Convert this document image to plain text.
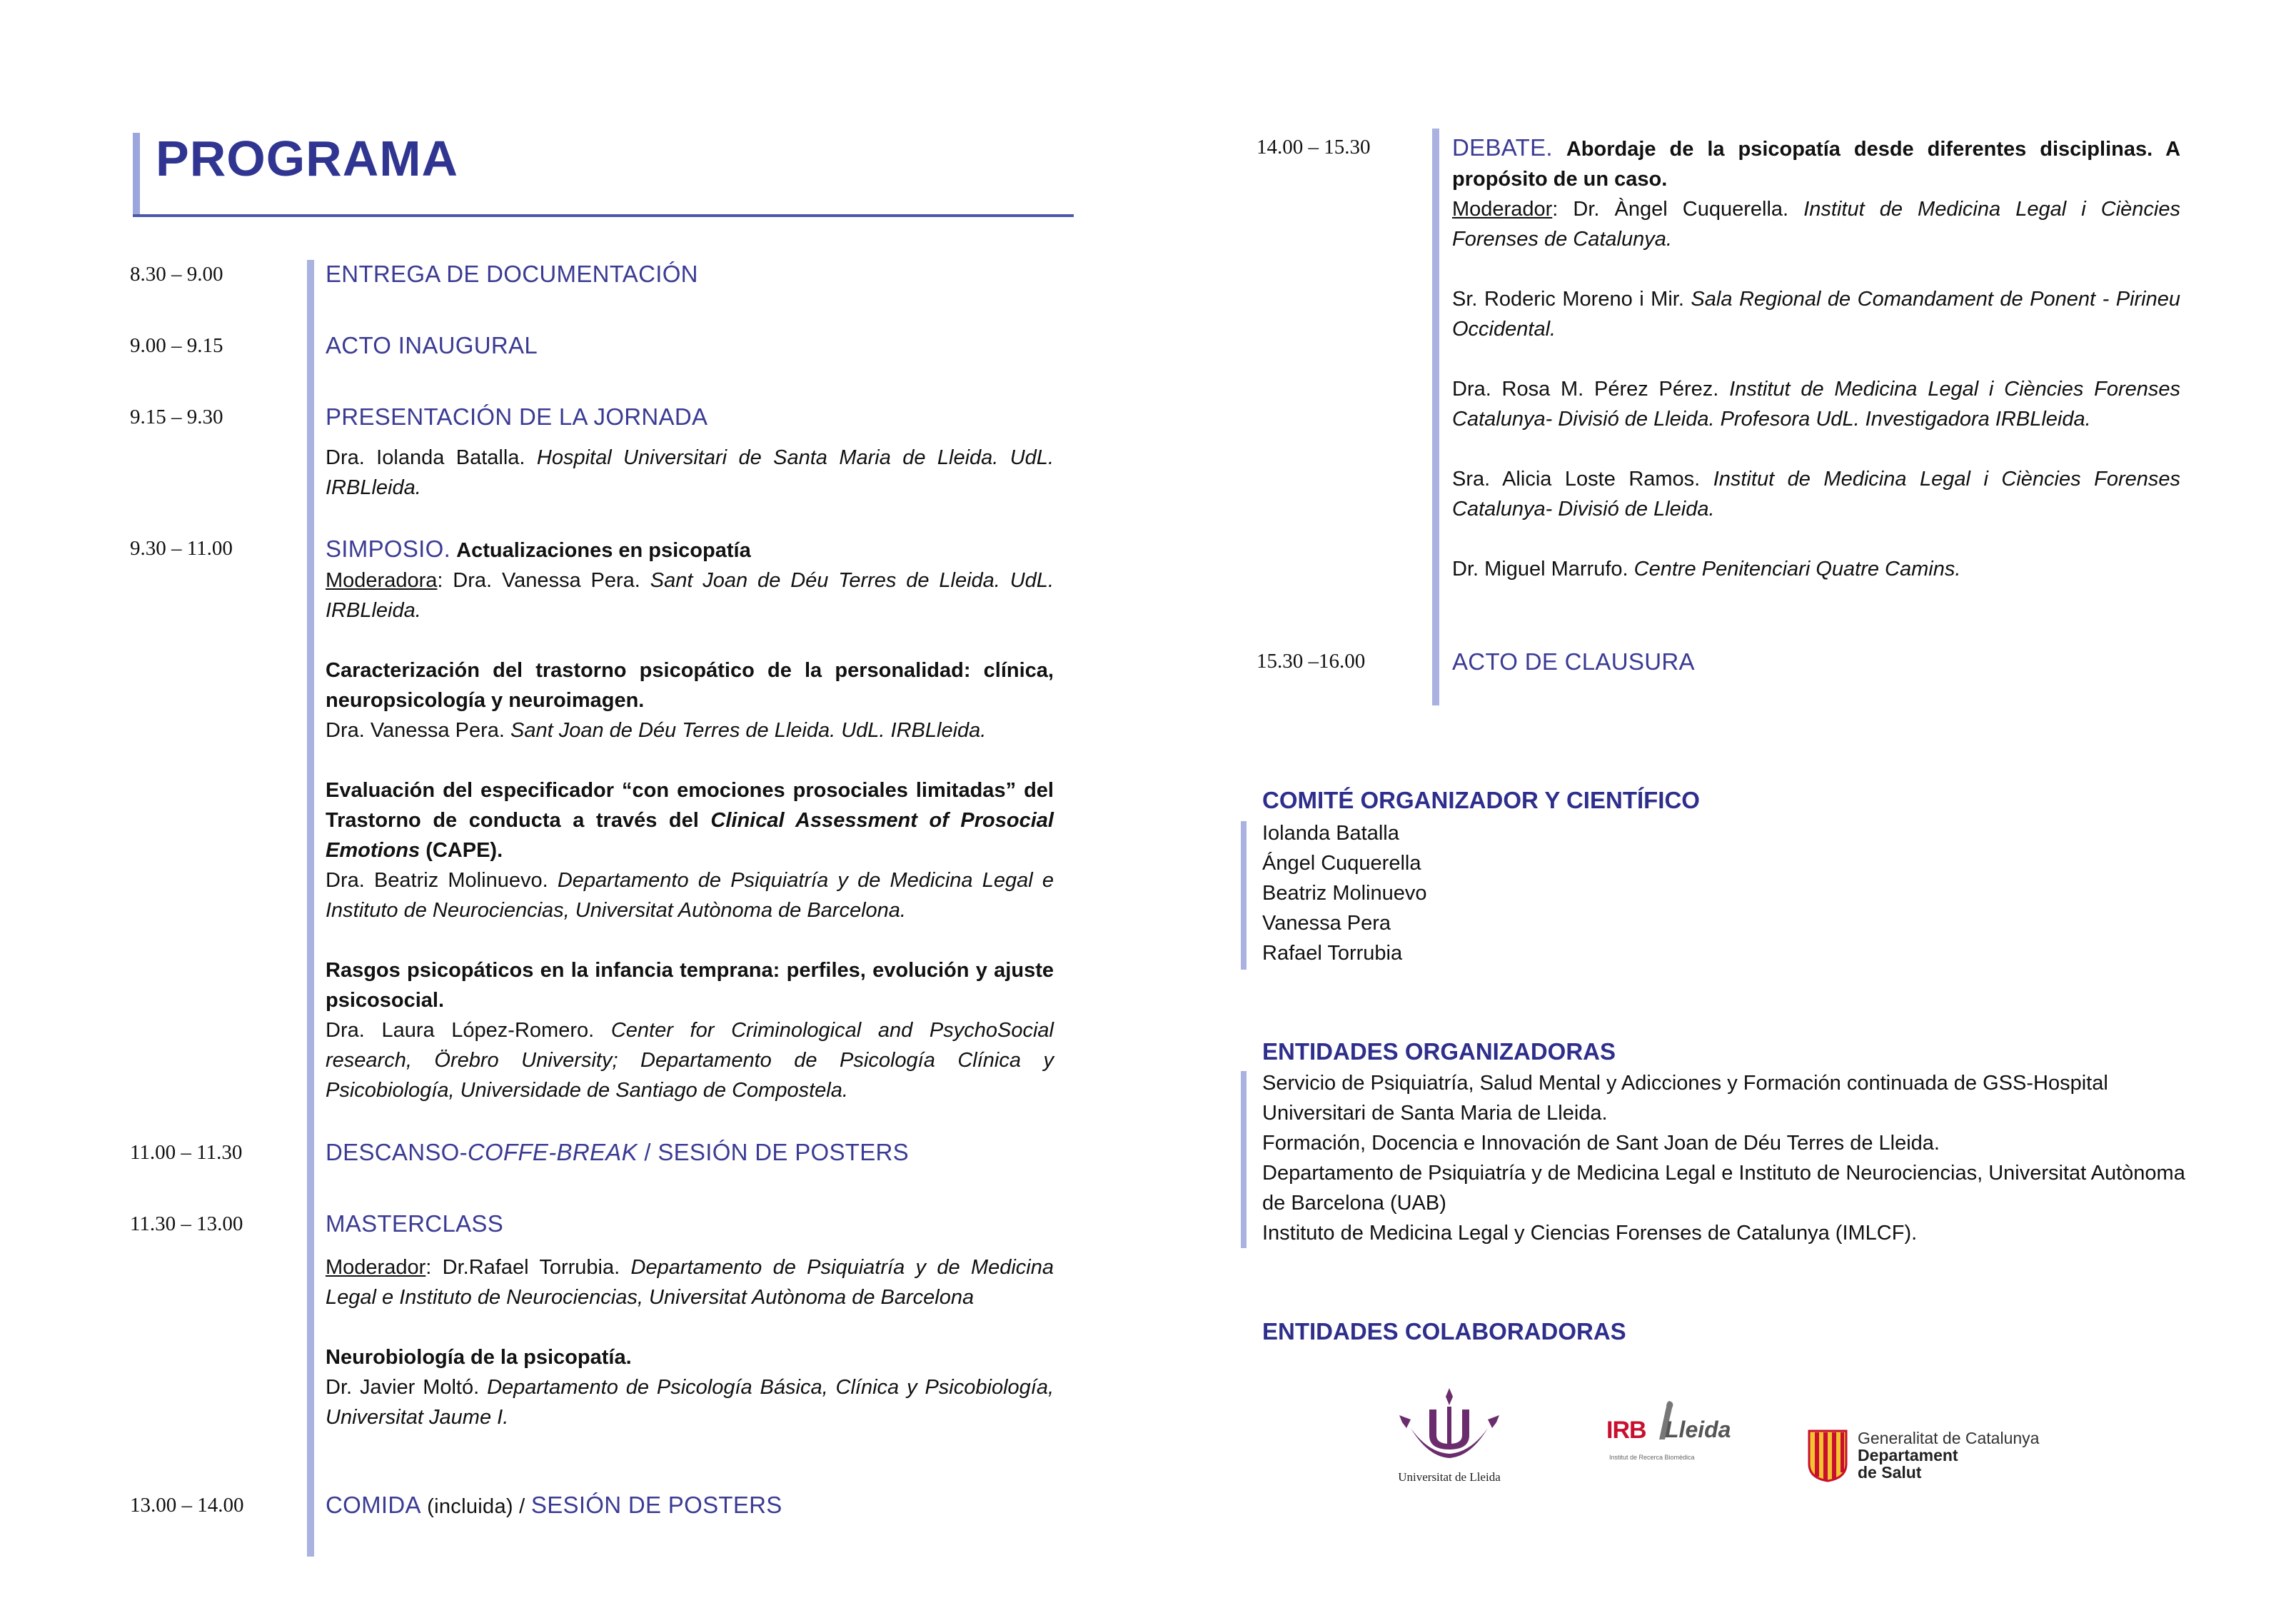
PROGRAMA
8.30 – 9.00
9.00 – 9.15
9.15 – 9.30
9.30 – 11.00
11.00 – 11.30
11.30 – 13.00
13.00 – 14.00
ENTREGA DE DOCUMENTACIÓN
ACTO INAUGURAL
PRESENTACIÓN DE LA JORNADA

Dra. Iolanda Batalla. Hospital Universitari de Santa Maria de Lleida. UdL. IRBLleida.

SIMPOSIO. Actualizaciones en psicopatía

Moderadora: Dra. Vanessa Pera. Sant Joan de Déu Terres de Lleida. UdL. IRBLleida.

Caracterización del trastorno psicopático de la personalidad: clínica, neuropsicología y neuroimagen.

Dra. Vanessa Pera. Sant Joan de Déu Terres de Lleida. UdL. IRBLleida.

Evaluación del especificador “con emociones prosociales limitadas” del Trastorno de conducta a través del Clinical Assessment of Prosocial Emotions (CAPE).

Dra. Beatriz Molinuevo. Departamento de Psiquiatría y de Medicina Legal e Instituto de Neurociencias, Universitat Autònoma de Barcelona.

Rasgos psicopáticos en la infancia temprana: perfiles, evolución y ajuste psicosocial.

Dra. Laura López-Romero. Center for Criminological and PsychoSocial research, Örebro University; Departamento de Psicología Clínica y Psicobiología, Universidade de Santiago de Compostela.

DESCANSO-COFFE-BREAK / SESIÓN DE POSTERS
MASTERCLASS

Moderador: Dr.Rafael Torrubia. Departamento de Psiquiatría y de Medicina Legal e Instituto de Neurociencias, Universitat Autònoma de Barcelona

Neurobiología de la psicopatía.

Dr. Javier Moltó. Departamento de Psicología Básica, Clínica y Psicobiología, Universitat Jaume I.

COMIDA (incluida) / SESIÓN DE POSTERS
14.00 – 15.30
15.30 –16.00

DEBATE. Abordaje de la psicopatía desde diferentes disciplinas. A propósito de un caso.

Moderador: Dr. Àngel Cuquerella. Institut de Medicina Legal i Ciències Forenses de Catalunya.

Sr. Roderic Moreno i Mir. Sala Regional de Comandament de Ponent - Pirineu Occidental.

Dra. Rosa M. Pérez Pérez. Institut de Medicina Legal i Ciències Forenses Catalunya- Divisió de Lleida. Profesora UdL. Investigadora IRBLleida.

Sra. Alicia Loste Ramos. Institut de Medicina Legal i Ciències Forenses Catalunya- Divisió de Lleida.

Dr. Miguel Marrufo. Centre Penitenciari Quatre Camins.

ACTO DE CLAUSURA
COMITÉ ORGANIZADOR Y CIENTÍFICO

Iolanda Batalla

Ángel Cuquerella

Beatriz Molinuevo

Vanessa Pera

Rafael Torrubia

ENTIDADES ORGANIZADORAS

Servicio de Psiquiatría, Salud Mental y Adicciones y Formación continuada de GSS-Hospital Universitari de Santa Maria de Lleida.

Formación, Docencia e Innovación de Sant Joan de Déu Terres de Lleida.

Departamento de Psiquiatría y de Medicina Legal e Instituto de Neurociencias, Universitat Autònoma de Barcelona (UAB)

Instituto de Medicina Legal y Ciencias Forenses de Catalunya (IMLCF).

ENTIDADES COLABORADORAS
Universitat de Lleida
IRB Lleida
Institut de Recerca Biomèdica
Generalitat de Catalunya
Departament
de Salut
